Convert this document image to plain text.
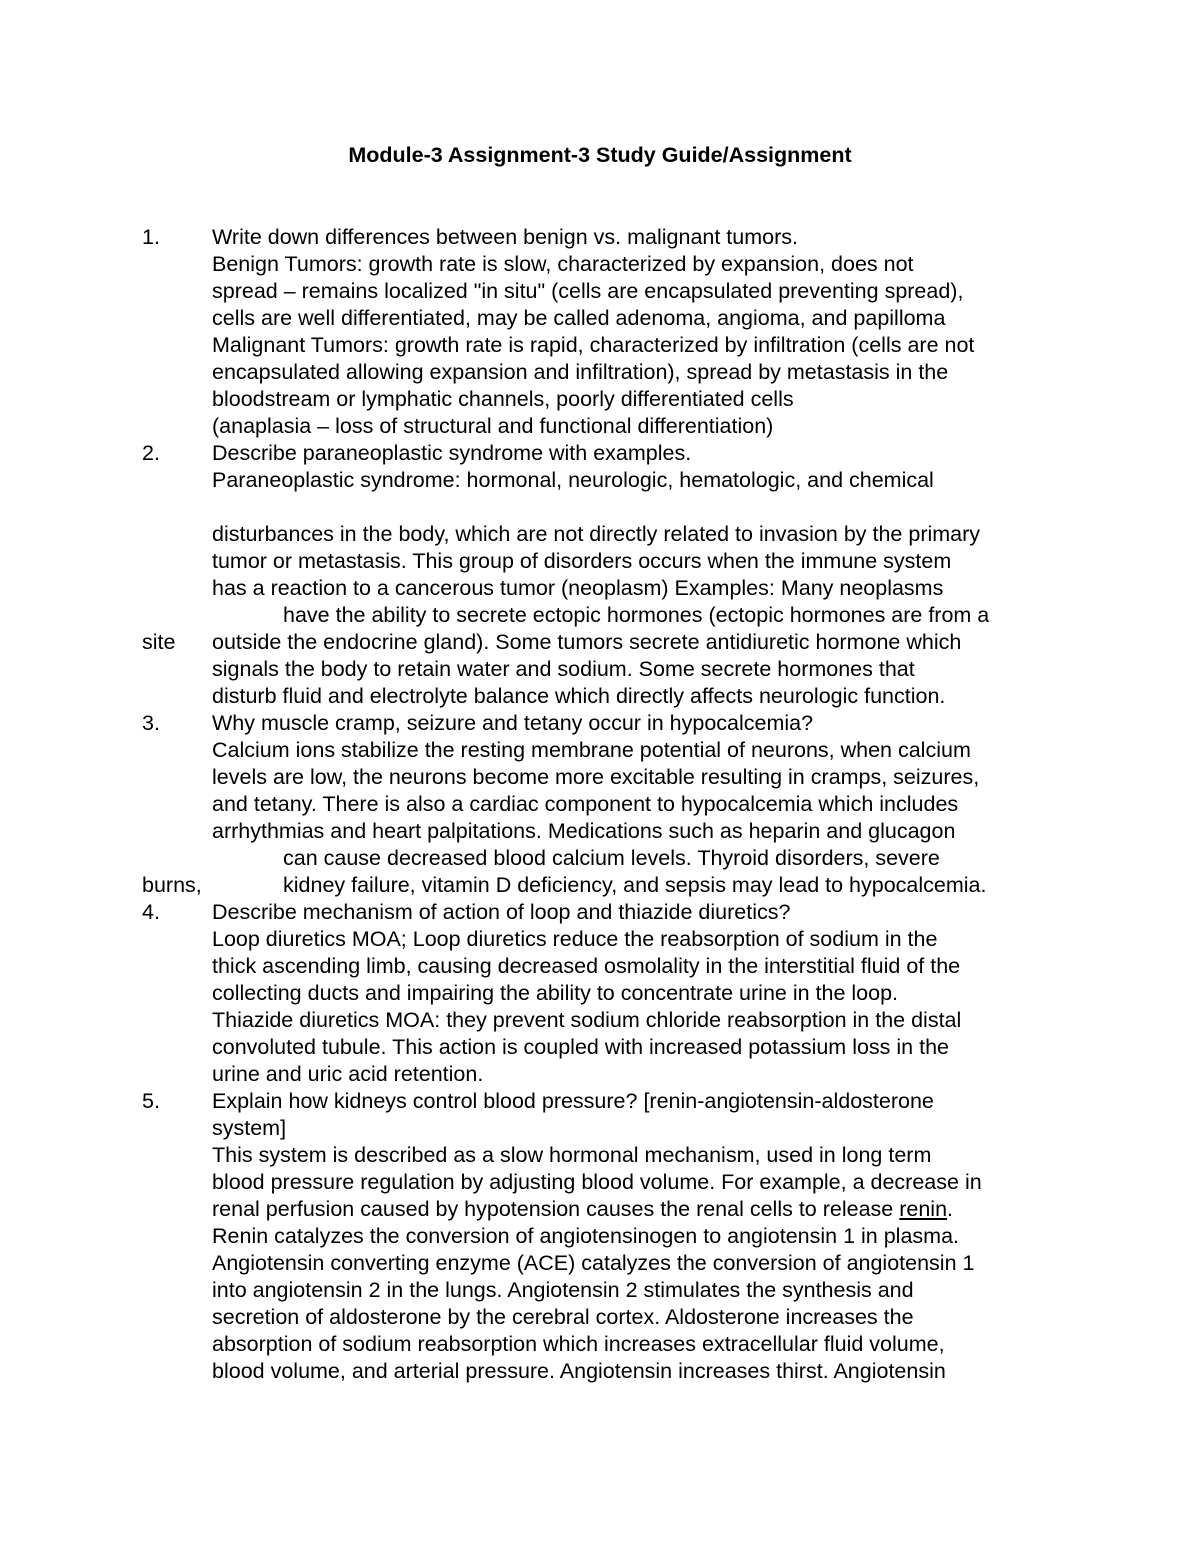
Module-3 Assignment-3 Study Guide/Assignment
1. Write down differences between benign vs. malignant tumors.
Benign Tumors: growth rate is slow, characterized by expansion, does not
spread – remains localized "in situ" (cells are encapsulated preventing spread),
cells are well differentiated, may be called adenoma, angioma, and papilloma
Malignant Tumors: growth rate is rapid, characterized by infiltration (cells are not
encapsulated allowing expansion and infiltration), spread by metastasis in the
bloodstream or lymphatic channels, poorly differentiated cells
(anaplasia – loss of structural and functional differentiation)
2. Describe paraneoplastic syndrome with examples.
Paraneoplastic syndrome: hormonal, neurologic, hematologic, and chemical
disturbances in the body, which are not directly related to invasion by the primary
tumor or metastasis. This group of disorders occurs when the immune system
has a reaction to a cancerous tumor (neoplasm) Examples: Many neoplasms
have the ability to secrete ectopic hormones (ectopic hormones are from a
site outside the endocrine gland). Some tumors secrete antidiuretic hormone which
signals the body to retain water and sodium. Some secrete hormones that
disturb fluid and electrolyte balance which directly affects neurologic function.
3. Why muscle cramp, seizure and tetany occur in hypocalcemia?
Calcium ions stabilize the resting membrane potential of neurons, when calcium
levels are low, the neurons become more excitable resulting in cramps, seizures,
and tetany. There is also a cardiac component to hypocalcemia which includes
arrhythmias and heart palpitations. Medications such as heparin and glucagon
can cause decreased blood calcium levels. Thyroid disorders, severe
burns,	kidney failure, vitamin D deficiency, and sepsis may lead to hypocalcemia.
4. Describe mechanism of action of loop and thiazide diuretics?
Loop diuretics MOA; Loop diuretics reduce the reabsorption of sodium in the
thick ascending limb, causing decreased osmolality in the interstitial fluid of the
collecting ducts and impairing the ability to concentrate urine in the loop.
Thiazide diuretics MOA: they prevent sodium chloride reabsorption in the distal
convoluted tubule. This action is coupled with increased potassium loss in the
urine and uric acid retention.
5. Explain how kidneys control blood pressure? [renin-angiotensin-aldosterone
system]
This system is described as a slow hormonal mechanism, used in long term
blood pressure regulation by adjusting blood volume. For example, a decrease in
renal perfusion caused by hypotension causes the renal cells to release renin.
Renin catalyzes the conversion of angiotensinogen to angiotensin 1 in plasma.
Angiotensin converting enzyme (ACE) catalyzes the conversion of angiotensin 1
into angiotensin 2 in the lungs. Angiotensin 2 stimulates the synthesis and
secretion of aldosterone by the cerebral cortex. Aldosterone increases the
absorption of sodium reabsorption which increases extracellular fluid volume,
blood volume, and arterial pressure. Angiotensin increases thirst. Angiotensin
